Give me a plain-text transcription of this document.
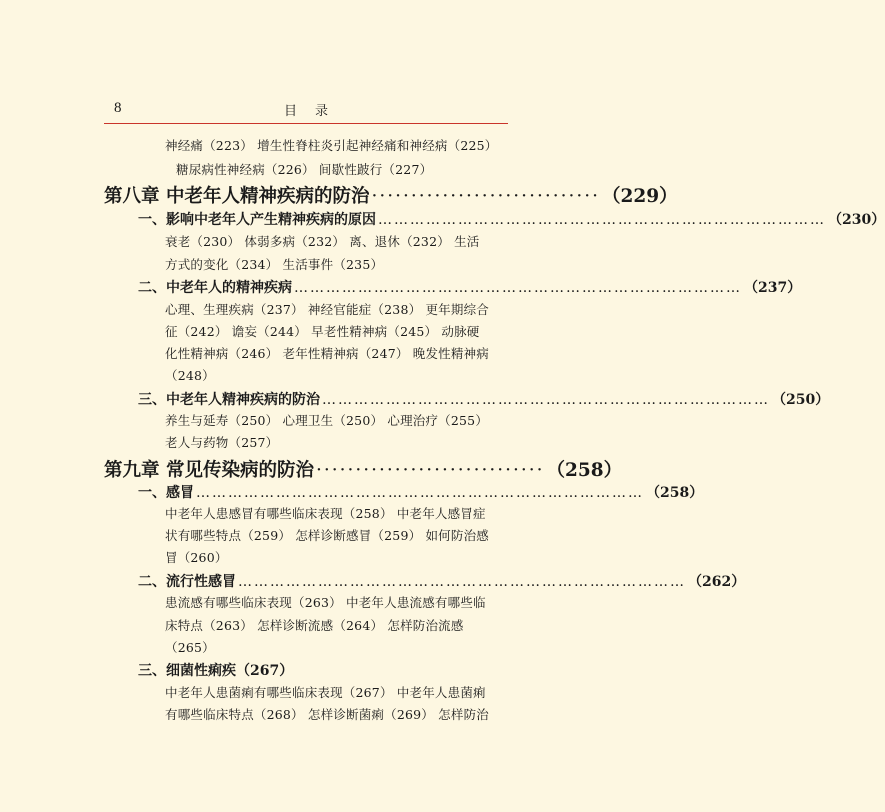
8	目录
神经痛（223） 增生性脊柱炎引起神经痛和神经病（225）
糖尿病性神经病（226） 间歇性跛行（227）
第八章 中老年人精神疾病的防治 ····························· （229）
一、影响中老年人产生精神疾病的原因 ………………………………………………………………………… （230）
衰老（230） 体弱多病（232） 离、退休（232） 生活
方式的变化（234） 生活事件（235）
二、中老年人的精神疾病 ………………………………………………………………………… （237）
心理、生理疾病（237） 神经官能症（238） 更年期综合
征（242） 谵妄（244） 早老性精神病（245） 动脉硬
化性精神病（246） 老年性精神病（247） 晚发性精神病
（248）
三、中老年人精神疾病的防治 ………………………………………………………………………… （250）
养生与延寿（250） 心理卫生（250） 心理治疗（255）
老人与药物（257）
第九章 常见传染病的防治 ····························· （258）
一、感冒 ………………………………………………………………………… （258）
中老年人患感冒有哪些临床表现（258） 中老年人感冒症
状有哪些特点（259） 怎样诊断感冒（259） 如何防治感
冒（260）
二、流行性感冒 ………………………………………………………………………… （262）
患流感有哪些临床表现（263） 中老年人患流感有哪些临
床特点（263） 怎样诊断流感（264） 怎样防治流感
（265）
三、细菌性痢疾（267）
中老年人患菌痢有哪些临床表现（267） 中老年人患菌痢
有哪些临床特点（268） 怎样诊断菌痢（269） 怎样防治
